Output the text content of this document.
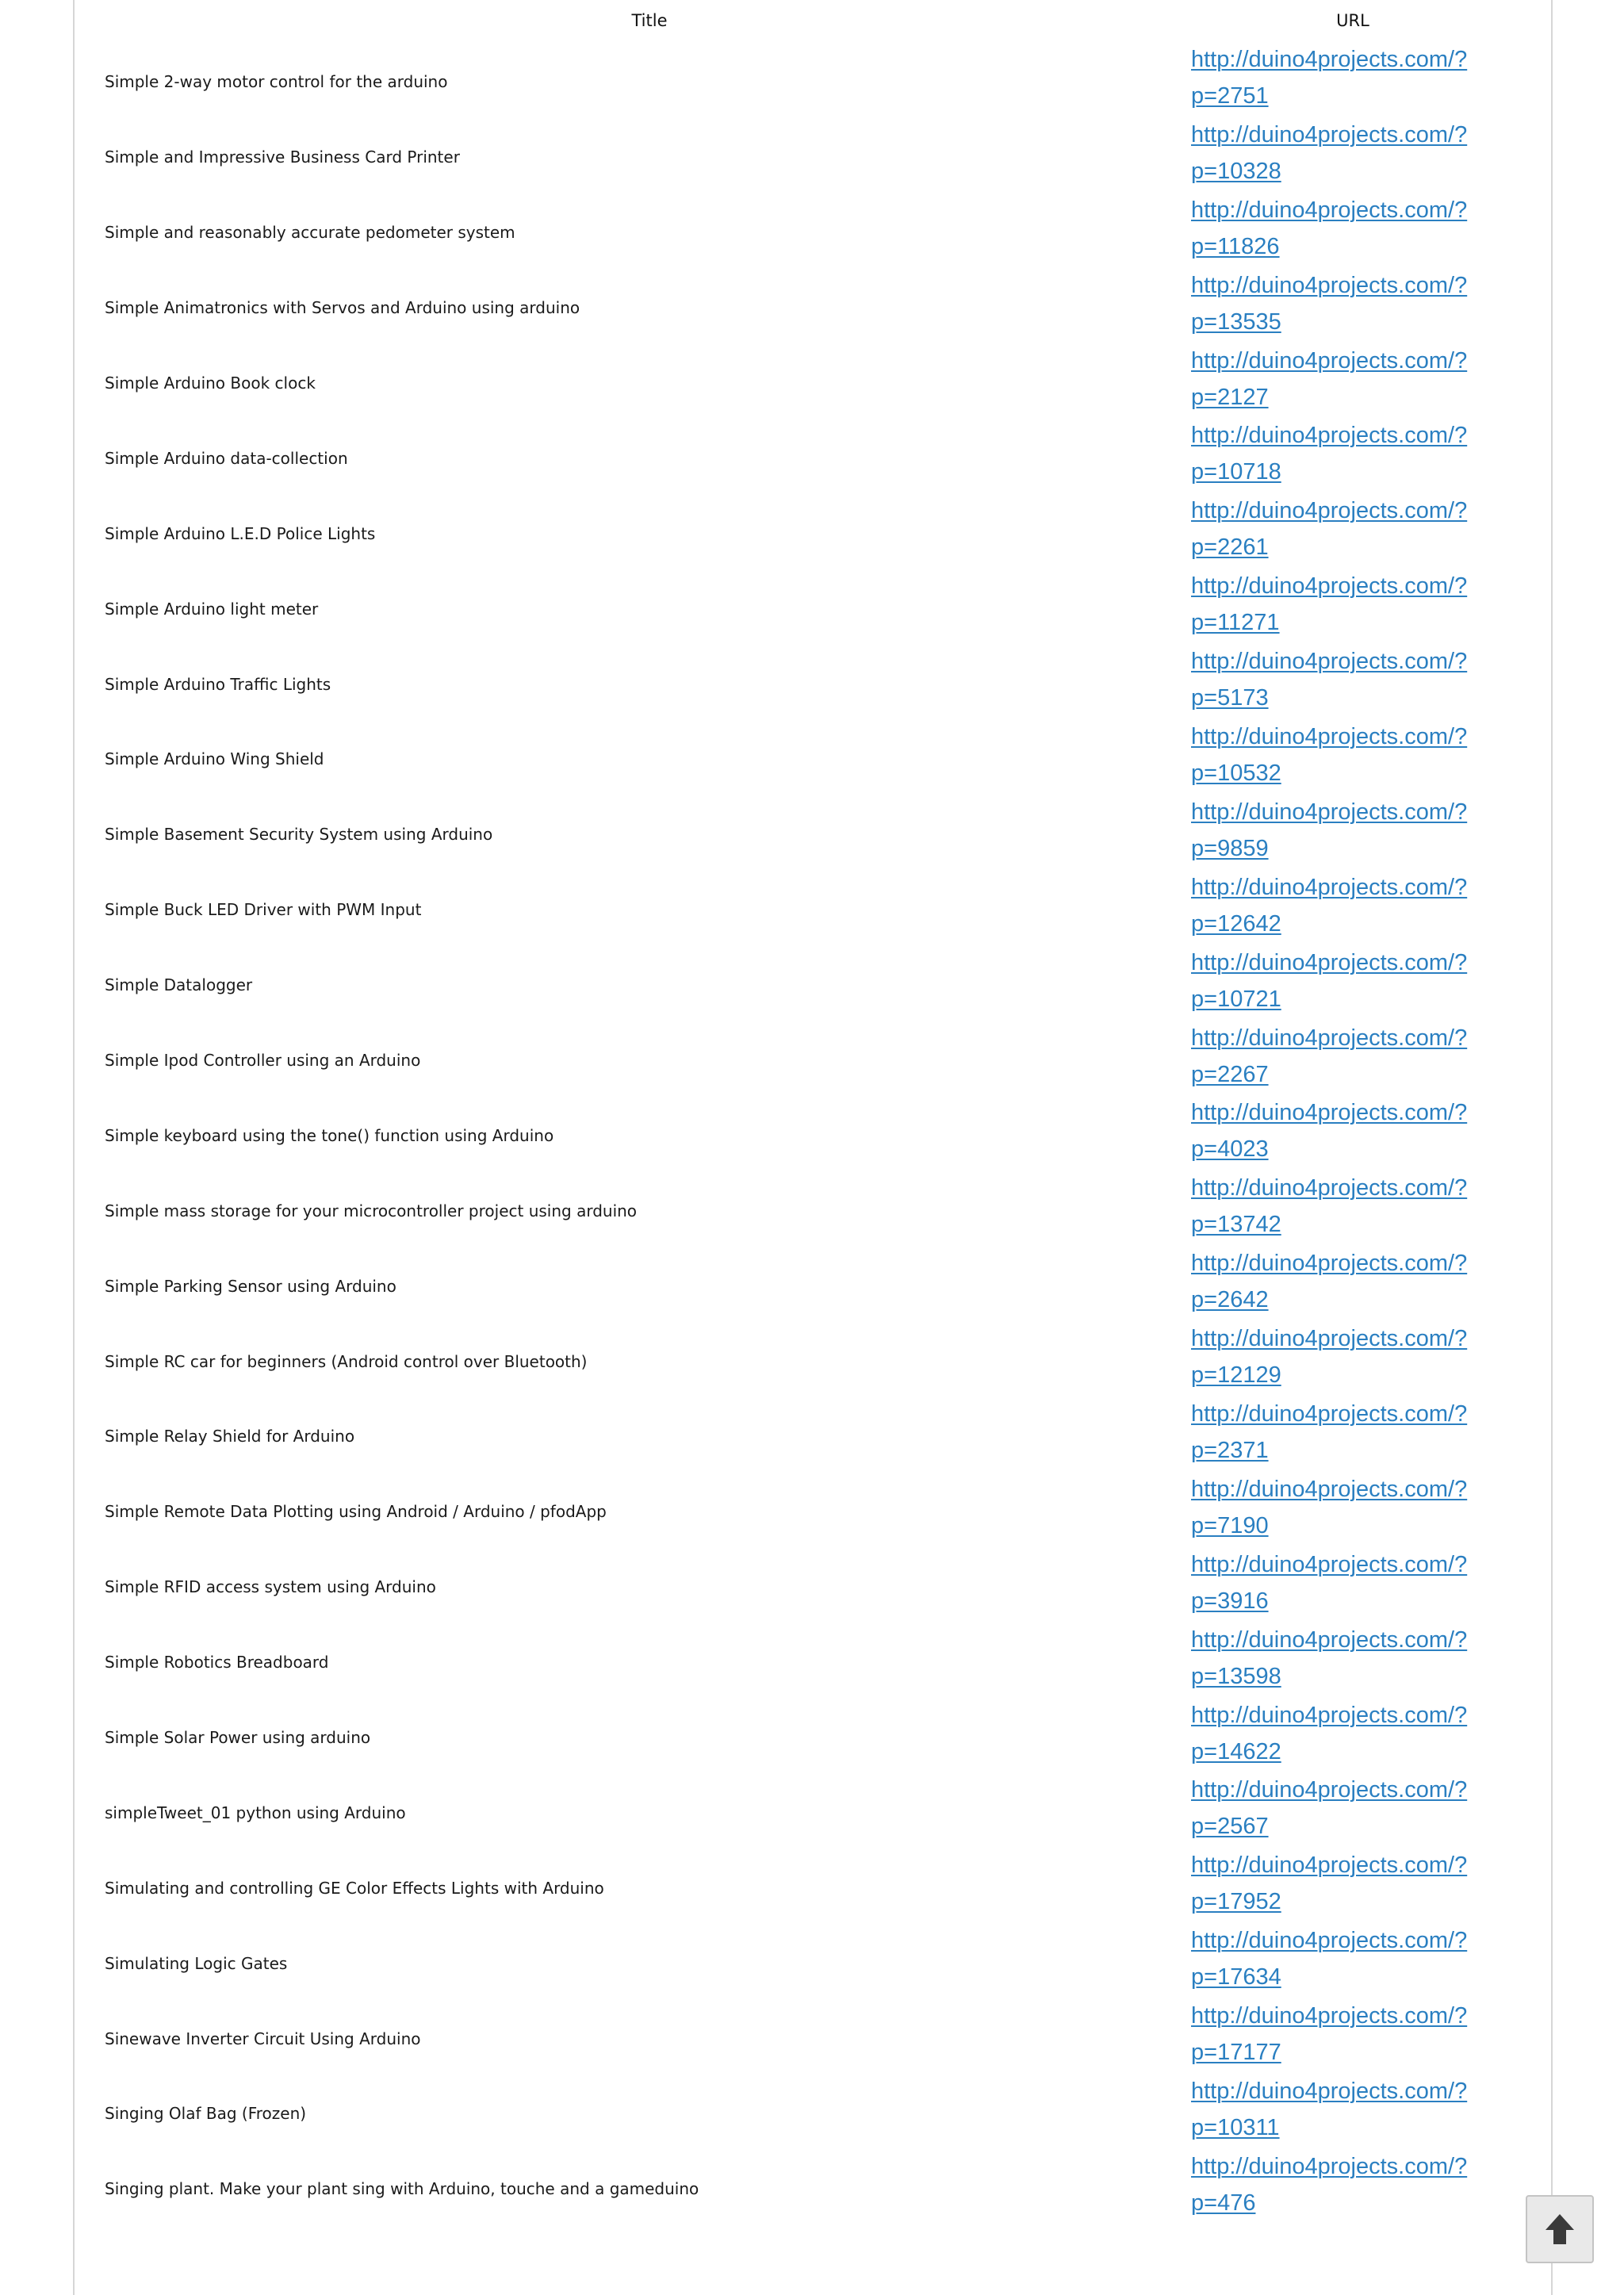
Title	URL
Simple 2-way motor control for the arduino
http://duino4projects.com/?
p=2751
Simple and Impressive Business Card Printer
http://duino4projects.com/?
p=10328
Simple and reasonably accurate pedometer system
http://duino4projects.com/?
p=11826
Simple Animatronics with Servos and Arduino using arduino
http://duino4projects.com/?
p=13535
Simple Arduino Book clock
http://duino4projects.com/?
p=2127
Simple Arduino data-collection
http://duino4projects.com/?
p=10718
Simple Arduino L.E.D Police Lights
http://duino4projects.com/?
p=2261
Simple Arduino light meter
http://duino4projects.com/?
p=11271
Simple Arduino Traffic Lights
http://duino4projects.com/?
p=5173
Simple Arduino Wing Shield
http://duino4projects.com/?
p=10532
Simple Basement Security System using Arduino
http://duino4projects.com/?
p=9859
Simple Buck LED Driver with PWM Input
http://duino4projects.com/?
p=12642
Simple Datalogger
http://duino4projects.com/?
p=10721
Simple Ipod Controller using an Arduino
http://duino4projects.com/?
p=2267
Simple keyboard using the tone() function using Arduino
http://duino4projects.com/?
p=4023
Simple mass storage for your microcontroller project using arduino
http://duino4projects.com/?
p=13742
Simple Parking Sensor using Arduino
http://duino4projects.com/?
p=2642
Simple RC car for beginners (Android control over Bluetooth)
http://duino4projects.com/?
p=12129
Simple Relay Shield for Arduino
http://duino4projects.com/?
p=2371
Simple Remote Data Plotting using Android / Arduino / pfodApp
http://duino4projects.com/?
p=7190
Simple RFID access system using Arduino
http://duino4projects.com/?
p=3916
Simple Robotics Breadboard
http://duino4projects.com/?
p=13598
Simple Solar Power using arduino
http://duino4projects.com/?
p=14622
simpleTweet_01 python using Arduino
http://duino4projects.com/?
p=2567
Simulating and controlling GE Color Effects Lights with Arduino
http://duino4projects.com/?
p=17952
Simulating Logic Gates
http://duino4projects.com/?
p=17634
Sinewave Inverter Circuit Using Arduino
http://duino4projects.com/?
p=17177
Singing Olaf Bag (Frozen)
http://duino4projects.com/?
p=10311
Singing plant. Make your plant sing with Arduino, touche and a gameduino
http://duino4projects.com/?
p=476
